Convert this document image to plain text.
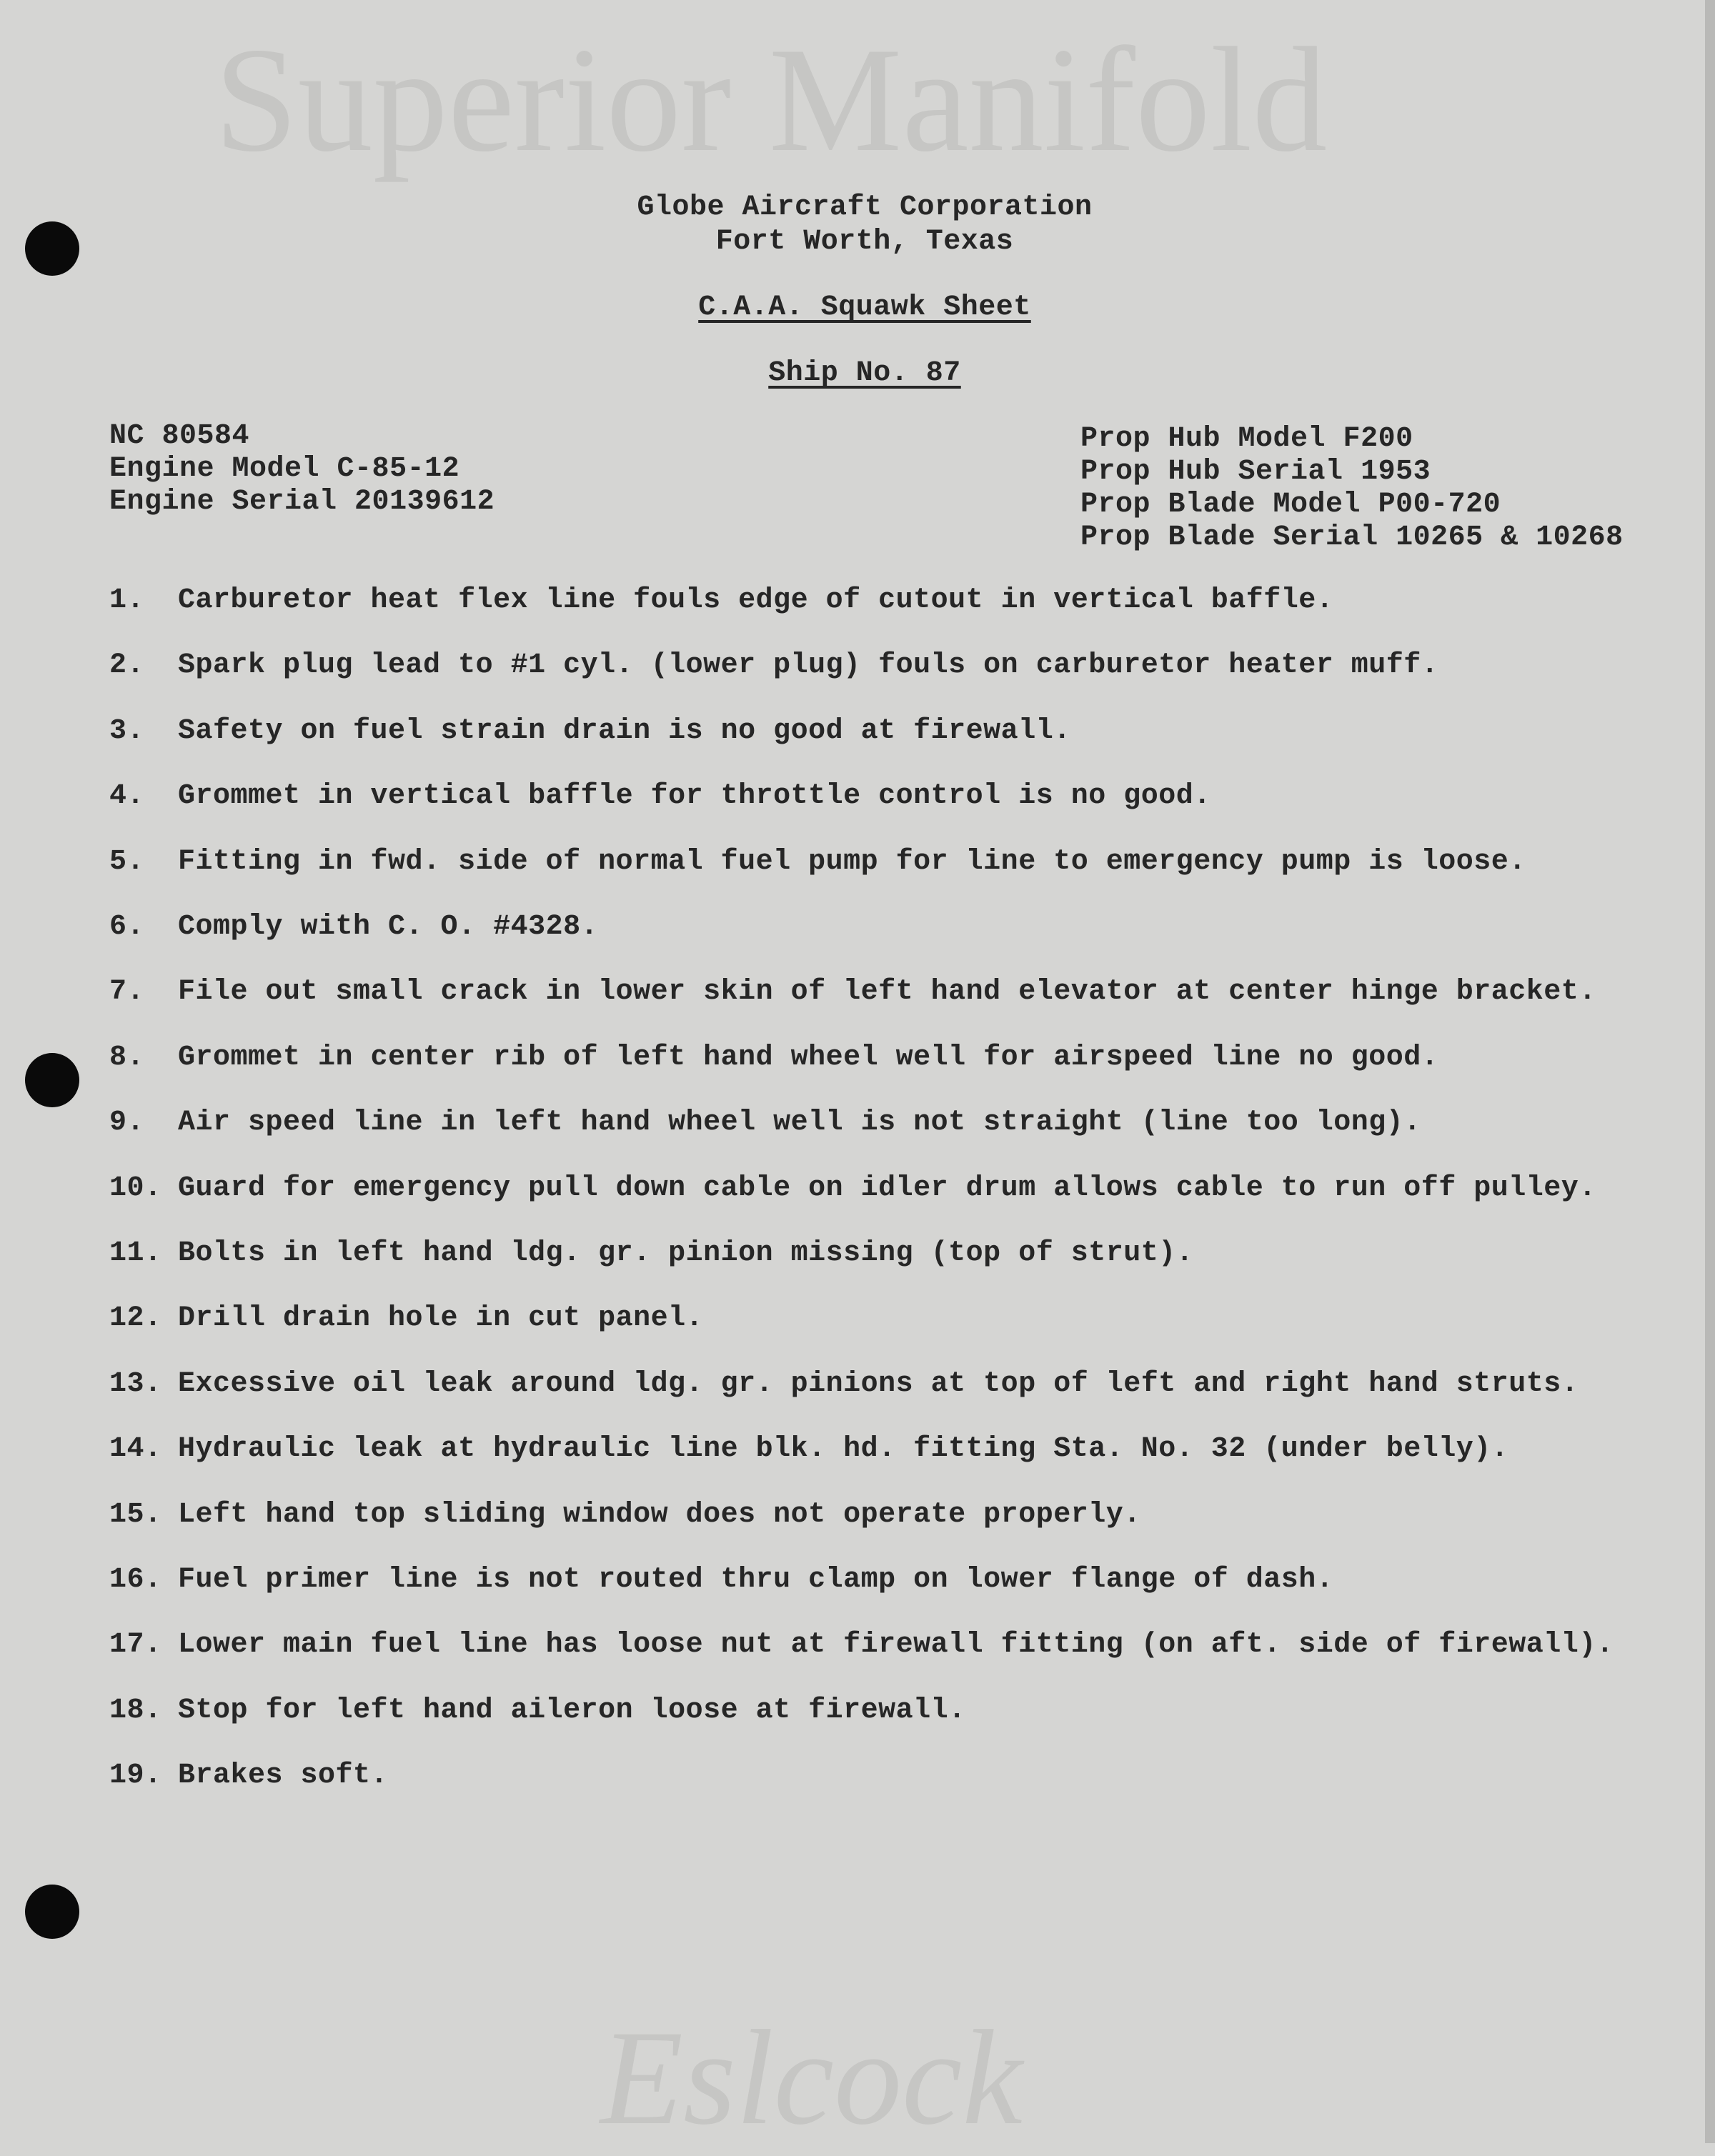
Superior Manifold
Eslcock
Globe Aircraft Corporation
Fort Worth, Texas
C.A.A. Squawk Sheet
Ship No. 87
NC 80584
Engine Model C-85-12
Engine Serial 20139612
Prop Hub Model F200
Prop Hub Serial 1953
Prop Blade Model P00-720
Prop Blade Serial 10265 & 10268
1. Carburetor heat flex line fouls edge of cutout in vertical baffle.
2. Spark plug lead to #1 cyl. (lower plug) fouls on carburetor heater muff.
3. Safety on fuel strain drain is no good at firewall.
4. Grommet in vertical baffle for throttle control is no good.
5. Fitting in fwd. side of normal fuel pump for line to emergency pump is loose.
6. Comply with C. O. #4328.
7. File out small crack in lower skin of left hand elevator at center hinge bracket.
8. Grommet in center rib of left hand wheel well for airspeed line no good.
9. Air speed line in left hand wheel well is not straight (line too long).
10. Guard for emergency pull down cable on idler drum allows cable to run off pulley.
11. Bolts in left hand ldg. gr. pinion missing (top of strut).
12. Drill drain hole in cut panel.
13. Excessive oil leak around ldg. gr. pinions at top of left and right hand struts.
14. Hydraulic leak at hydraulic line blk. hd. fitting Sta. No. 32 (under belly).
15. Left hand top sliding window does not operate properly.
16. Fuel primer line is not routed thru clamp on lower flange of dash.
17. Lower main fuel line has loose nut at firewall fitting (on aft. side of firewall).
18. Stop for left hand aileron loose at firewall.
19. Brakes soft.
